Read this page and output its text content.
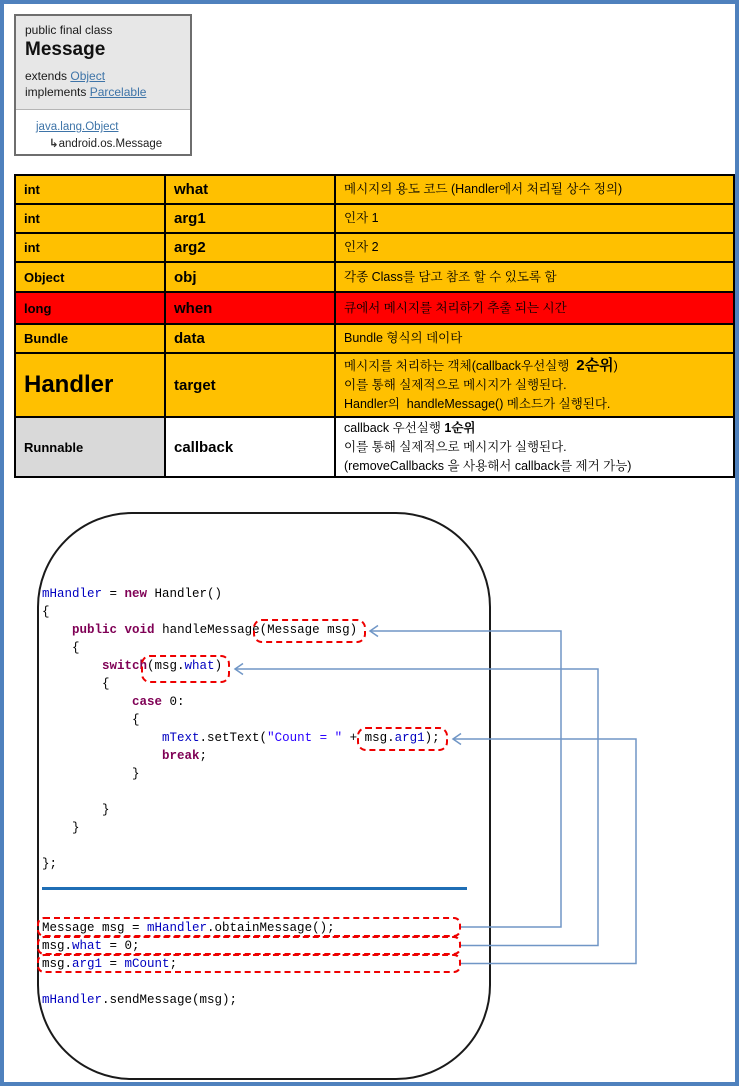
public final class
Message
extends Object
implements Parcelable
java.lang.Object
↳android.os.Message
int	what	메시지의 용도 코드 (Handler에서 처리될 상수 정의)

int	arg1	인자 1

int	arg2	인자 2

Object	obj	각종 Class를 담고 참조 할 수 있도록 함

long	when	큐에서 메시지를 처리하기 추출 되는 시간

Bundle	data	Bundle 형식의 데이타

Handler	target	메시지를 처리하는 객체(callback우선실행  2순위)
이를 통해 실제적으로 메시지가 실행된다.
Handler의  handleMessage() 메소드가 실행된다.

Runnable	callback	callback 우선실행 1순위
이를 통해 실제적으로 메시지가 실행된다.
(removeCallbacks 을 사용해서 callback를 제거 가능)
mHandler = new Handler()
{
public void handleMessage(Message msg)
{
switch(msg.what)
{
case 0:
{
mText.setText("Count = " + msg.arg1);
break;
}

}
}

};

Message msg = mHandler.obtainMessage();
msg.what = 0;
msg.arg1 = mCount;

mHandler.sendMessage(msg);
